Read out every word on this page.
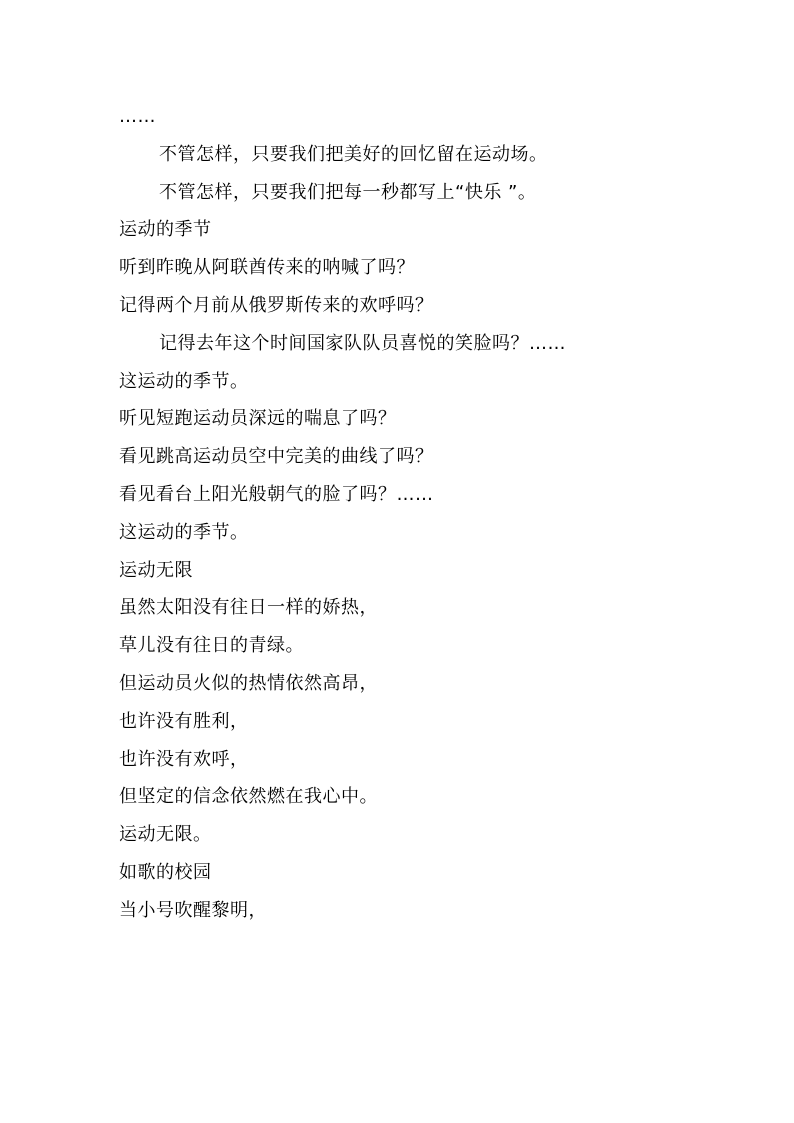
……
不管怎样，只要我们把美好的回忆留在运动场。
不管怎样，只要我们把每一秒都写上“快乐 ”。
运动的季节
听到昨晚从阿联酋传来的呐喊了吗？
记得两个月前从俄罗斯传来的欢呼吗？
记得去年这个时间国家队队员喜悦的笑脸吗？……
这运动的季节。
听见短跑运动员深远的喘息了吗？
看见跳高运动员空中完美的曲线了吗？
看见看台上阳光般朝气的脸了吗？……
这运动的季节。
运动无限
虽然太阳没有往日一样的娇热，
草儿没有往日的青绿。
但运动员火似的热情依然高昂，
也许没有胜利，
也许没有欢呼，
但坚定的信念依然燃在我心中。
运动无限。
如歌的校园
当小号吹醒黎明，
